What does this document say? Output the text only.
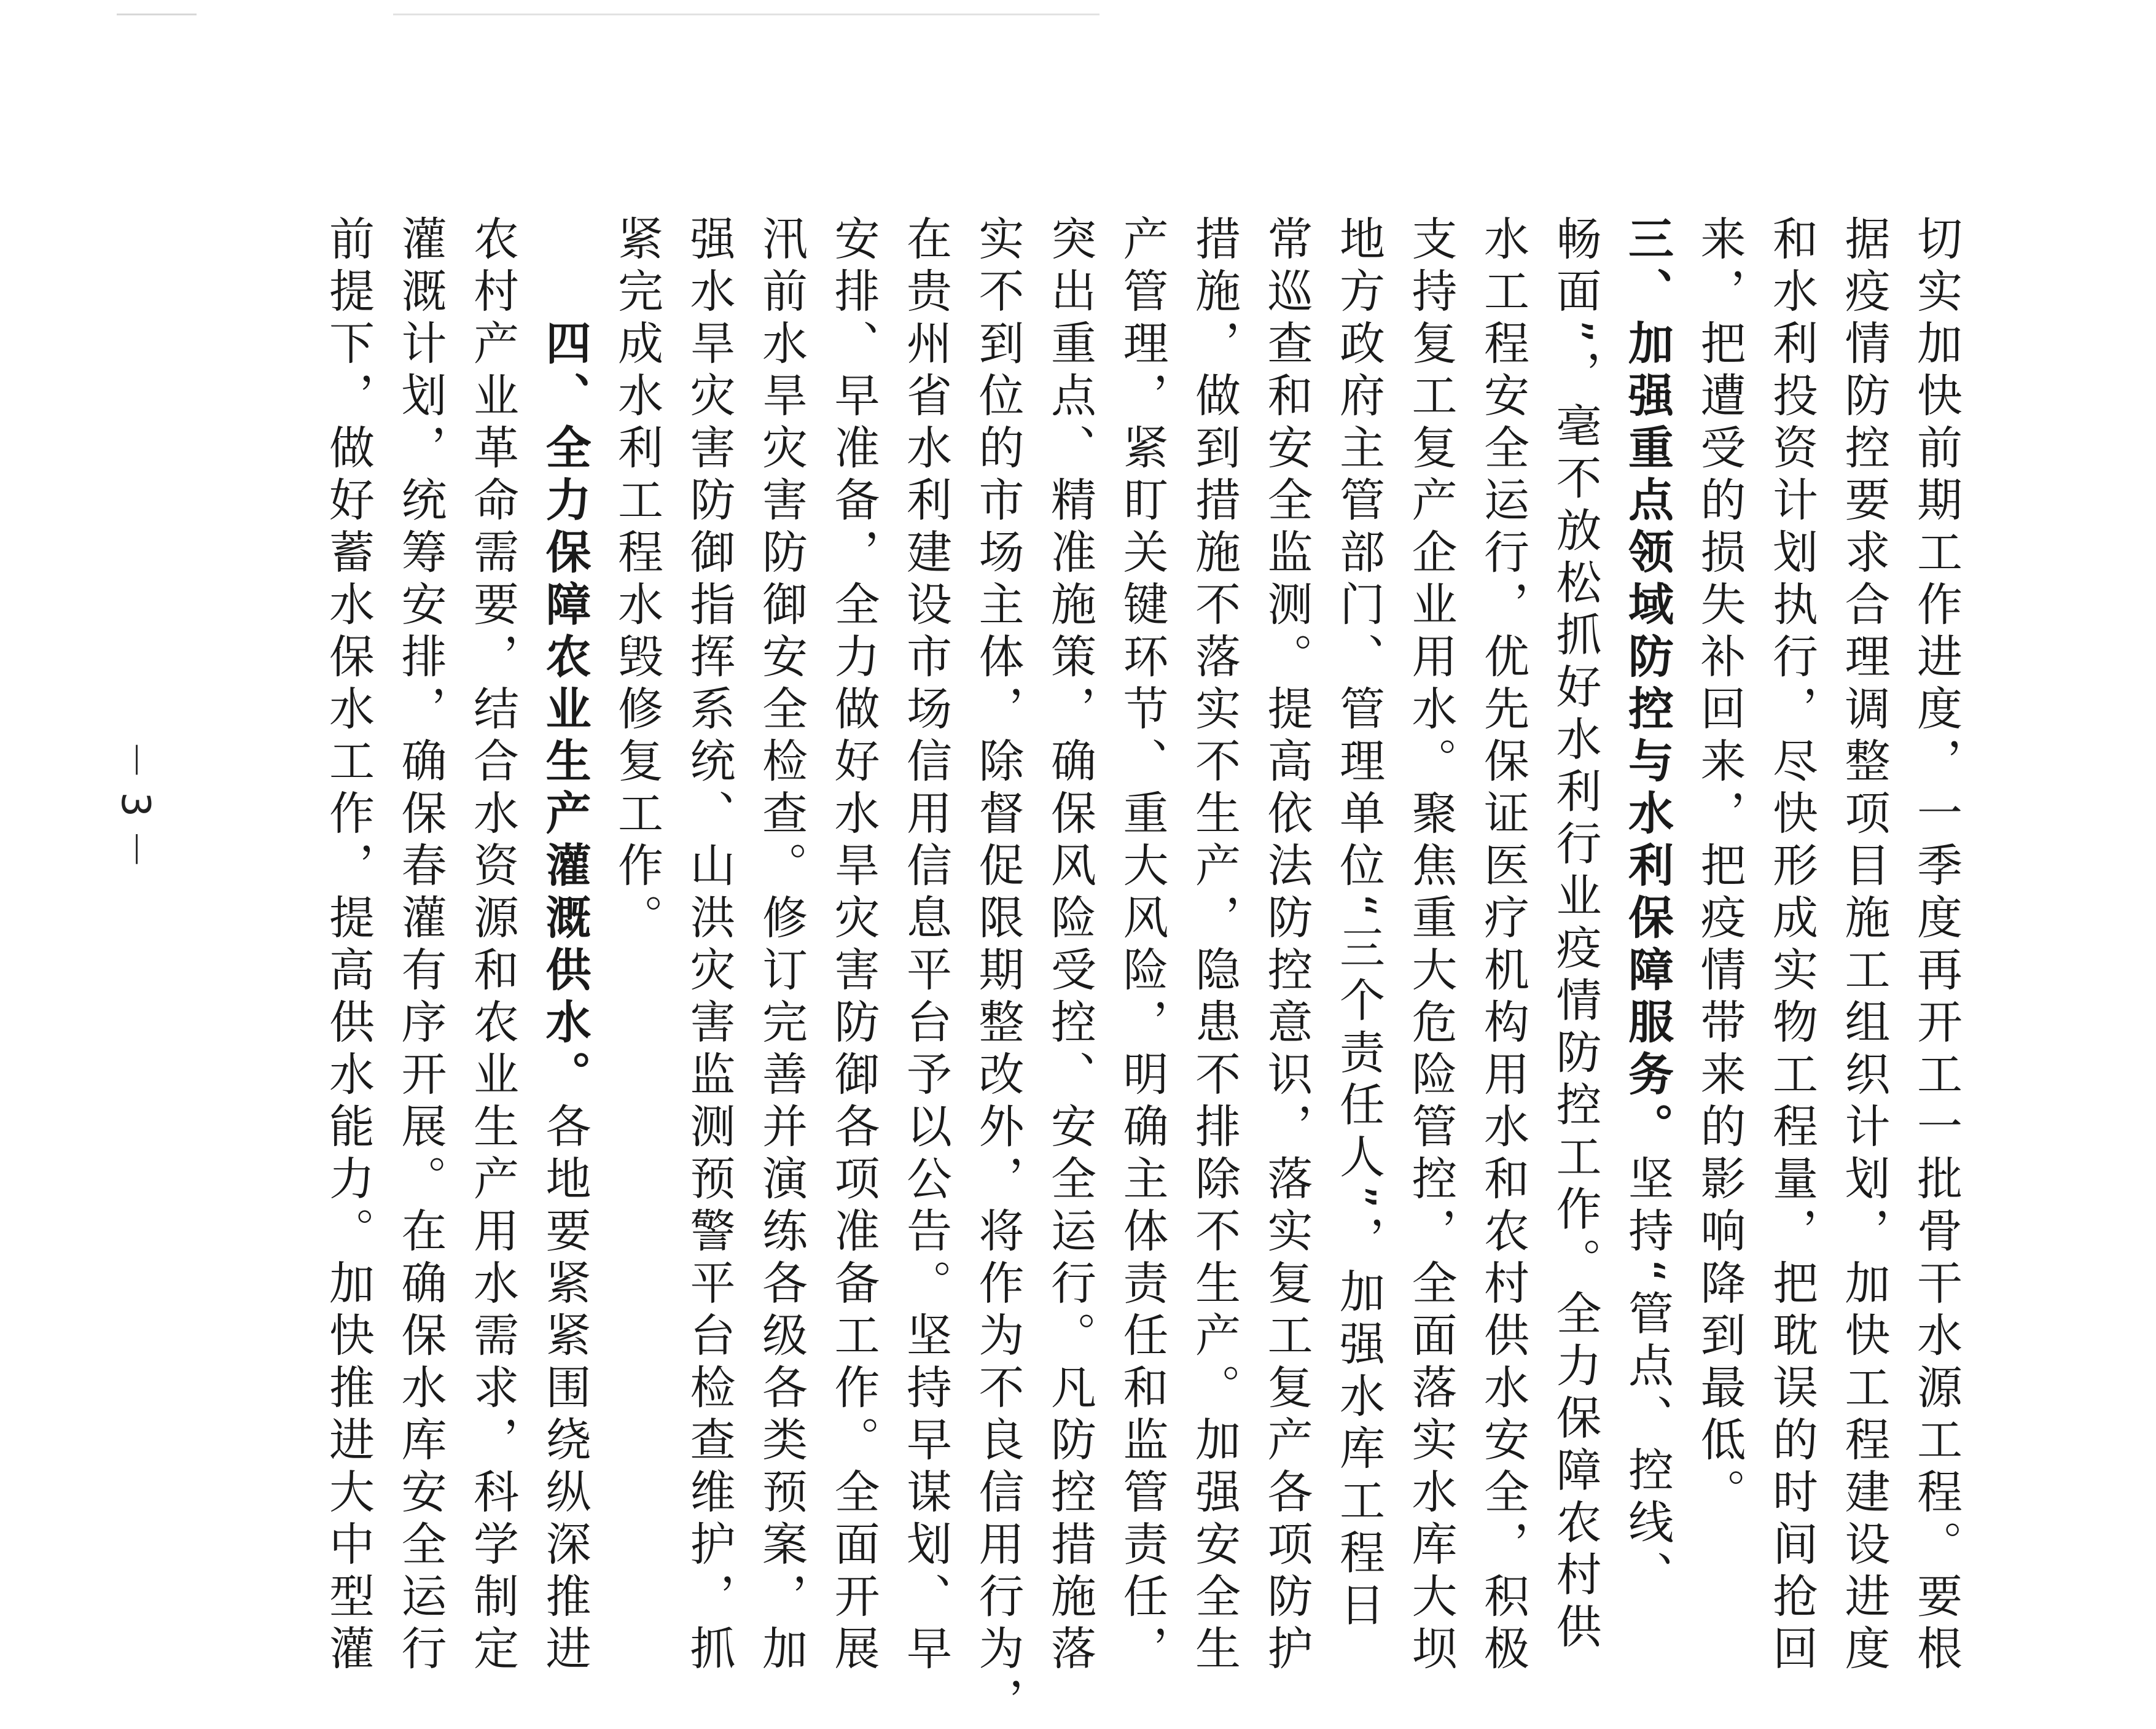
切实加快前期工作进度，一季度再开工一批骨干水源工程。要根
据疫情防控要求合理调整项目施工组织计划，加快工程建设进度
和水利投资计划执行，尽快形成实物工程量，把耽误的时间抢回
来，把遭受的损失补回来，把疫情带来的影响降到最低。
三、加强重点领域防控与水利保障服务。坚持“管点、控线、
畅面”，毫不放松抓好水利行业疫情防控工作。全力保障农村供
水工程安全运行，优先保证医疗机构用水和农村供水安全，积极
支持复工复产企业用水。聚焦重大危险管控，全面落实水库大坝
地方政府主管部门、管理单位“三个责任人”，加强水库工程日
常巡查和安全监测。提高依法防控意识，落实复工复产各项防护
措施，做到措施不落实不生产，隐患不排除不生产。加强安全生
产管理，紧盯关键环节、重大风险，明确主体责任和监管责任，
突出重点、精准施策，确保风险受控、安全运行。凡防控措施落
实不到位的市场主体，除督促限期整改外，将作为不良信用行为，
在贵州省水利建设市场信用信息平台予以公告。坚持早谋划、早
安排、早准备，全力做好水旱灾害防御各项准备工作。全面开展
汛前水旱灾害防御安全检查。修订完善并演练各级各类预案，加
强水旱灾害防御指挥系统、山洪灾害监测预警平台检查维护，抓
紧完成水利工程水毁修复工作。
　　四、全力保障农业生产灌溉供水。各地要紧紧围绕纵深推进
农村产业革命需要，结合水资源和农业生产用水需求，科学制定
灌溉计划，统筹安排，确保春灌有序开展。在确保水库安全运行
前提下，做好蓄水保水工作，提高供水能力。加快推进大中型灌
－ 3 －
